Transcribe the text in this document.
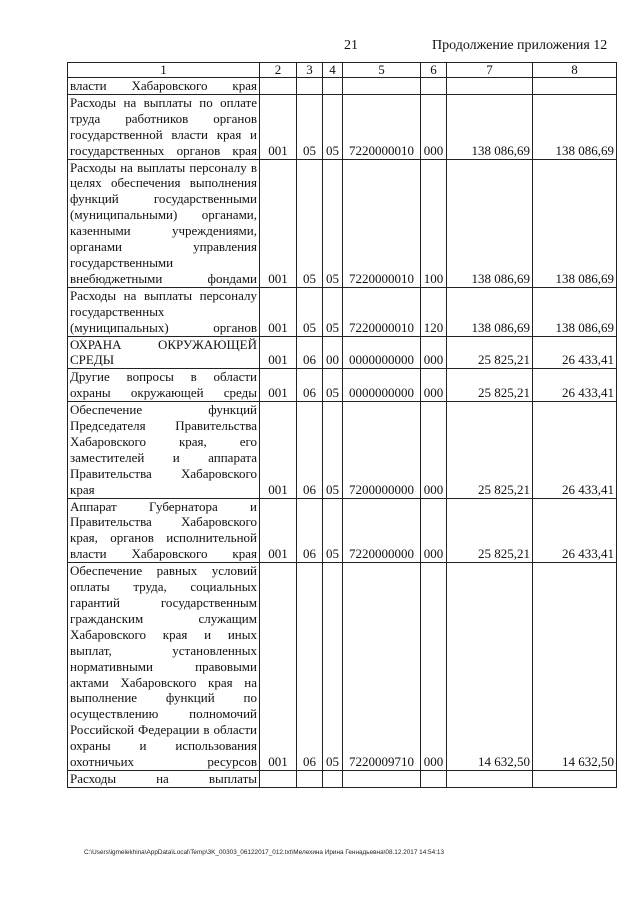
21	Продолжение приложения 12
1	2	3	4	5	6	7	8
власти Хабаровского края							
Расходы на выплаты по оплате труда работников органов государственной власти края и государственных органов края	001	05	05	7220000010	000	138 086,69	138 086,69
Расходы на выплаты персоналу в целях обеспечения выполнения функций государственными (муниципальными) органами, казенными учреждениями, органами управления государственными внебюджетными фондами	001	05	05	7220000010	100	138 086,69	138 086,69
Расходы на выплаты персоналу государственных (муниципальных) органов	001	05	05	7220000010	120	138 086,69	138 086,69
ОХРАНА ОКРУЖАЮЩЕЙ СРЕДЫ	001	06	00	0000000000	000	25 825,21	26 433,41
Другие вопросы в области охраны окружающей среды	001	06	05	0000000000	000	25 825,21	26 433,41
Обеспечение функций Председателя Правительства Хабаровского края, его заместителей и аппарата Правительства Хабаровского края	001	06	05	7200000000	000	25 825,21	26 433,41
Аппарат Губернатора и Правительства Хабаровского края, органов исполнительной власти Хабаровского края	001	06	05	7220000000	000	25 825,21	26 433,41
Обеспечение равных условий оплаты труда, социальных гарантий государственным гражданским служащим Хабаровского края и иных выплат, установленных нормативными правовыми актами Хабаровского края на выполнение функций по осуществлению полномочий Российской Федерации в области охраны и использования охотничьих ресурсов	001	06	05	7220009710	000	14 632,50	14 632,50
Расходы на выплаты							
C:\Users\igmelekhina\AppData\Local\Temp\3K_00303_06122017_012.txt\Мелехина Ирина Геннадьевна\08.12.2017 14:54:13
